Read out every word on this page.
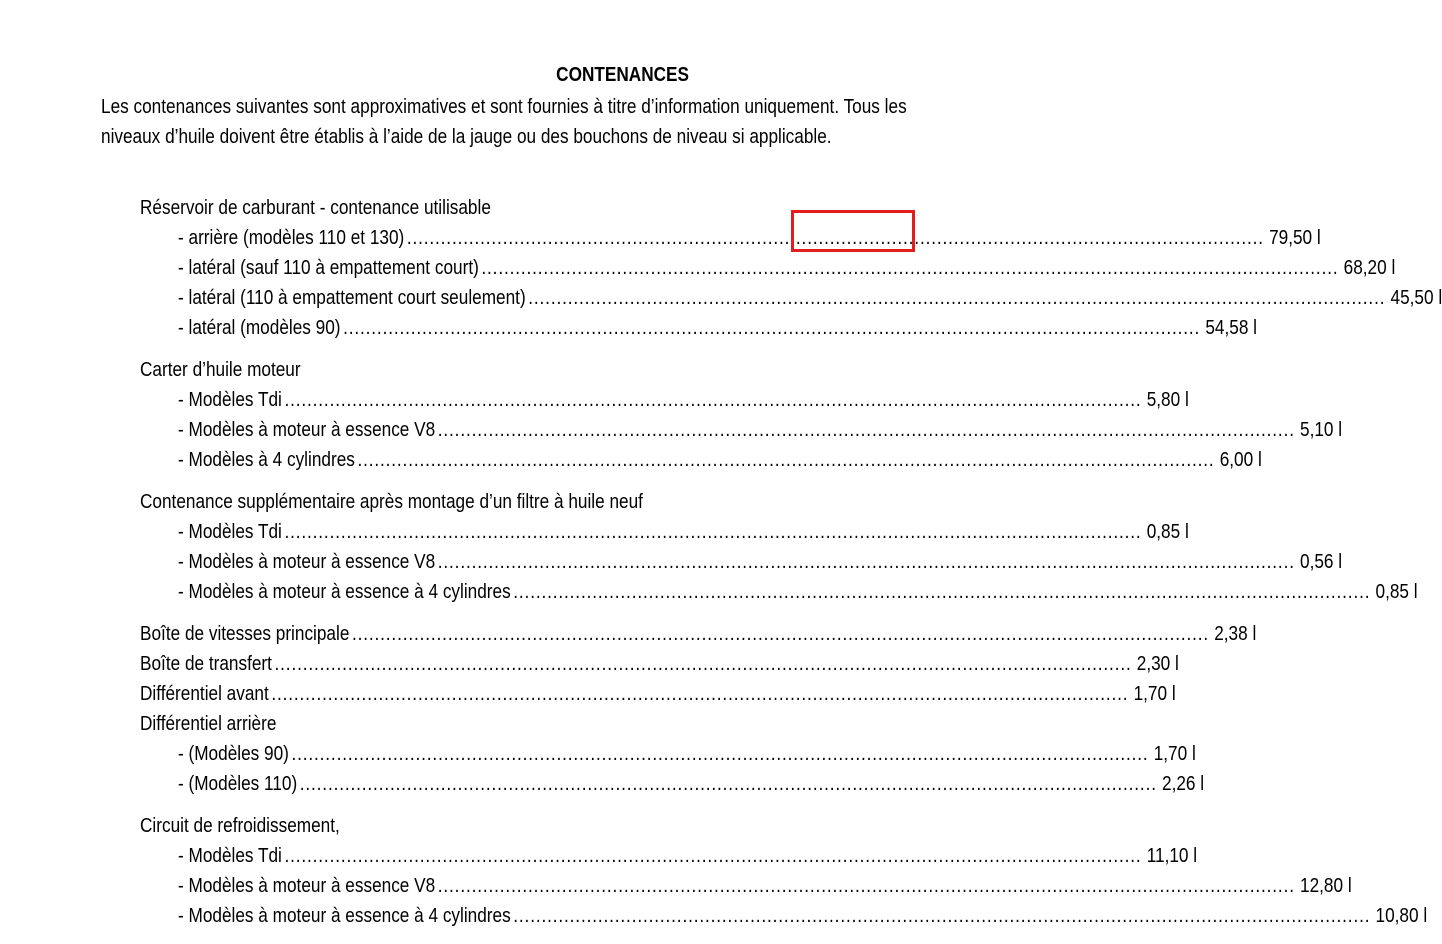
CONTENANCES
Les contenances suivantes sont approximatives et sont fournies à titre d’information uniquement. Tous les
niveaux d’huile doivent être établis à l’aide de la jauge ou des bouchons de niveau si applicable.
Réservoir de carburant - contenance utilisable
- arrière (modèles 110 et 130) ........................................................................................................................................................ 79,50 l
- latéral (sauf 110 à empattement court) ........................................................................................................................................................ 68,20 l
- latéral (110 à empattement court seulement) ........................................................................................................................................................ 45,50 l
- latéral (modèles 90) ........................................................................................................................................................ 54,58 l
Carter d’huile moteur
- Modèles Tdi ........................................................................................................................................................ 5,80 l
- Modèles à moteur à essence V8 ........................................................................................................................................................ 5,10 l
- Modèles à 4 cylindres ........................................................................................................................................................ 6,00 l
Contenance supplémentaire après montage d’un filtre à huile neuf
- Modèles Tdi ........................................................................................................................................................ 0,85 l
- Modèles à moteur à essence V8 ........................................................................................................................................................ 0,56 l
- Modèles à moteur à essence à 4 cylindres ........................................................................................................................................................ 0,85 l
Boîte de vitesses principale ........................................................................................................................................................ 2,38 l
Boîte de transfert ........................................................................................................................................................ 2,30 l
Différentiel avant ........................................................................................................................................................ 1,70 l
Différentiel arrière
- (Modèles 90) ........................................................................................................................................................ 1,70 l
- (Modèles 110) ........................................................................................................................................................ 2,26 l
Circuit de refroidissement,
- Modèles Tdi ........................................................................................................................................................ 11,10 l
- Modèles à moteur à essence V8 ........................................................................................................................................................ 12,80 l
- Modèles à moteur à essence à 4 cylindres ........................................................................................................................................................ 10,80 l
